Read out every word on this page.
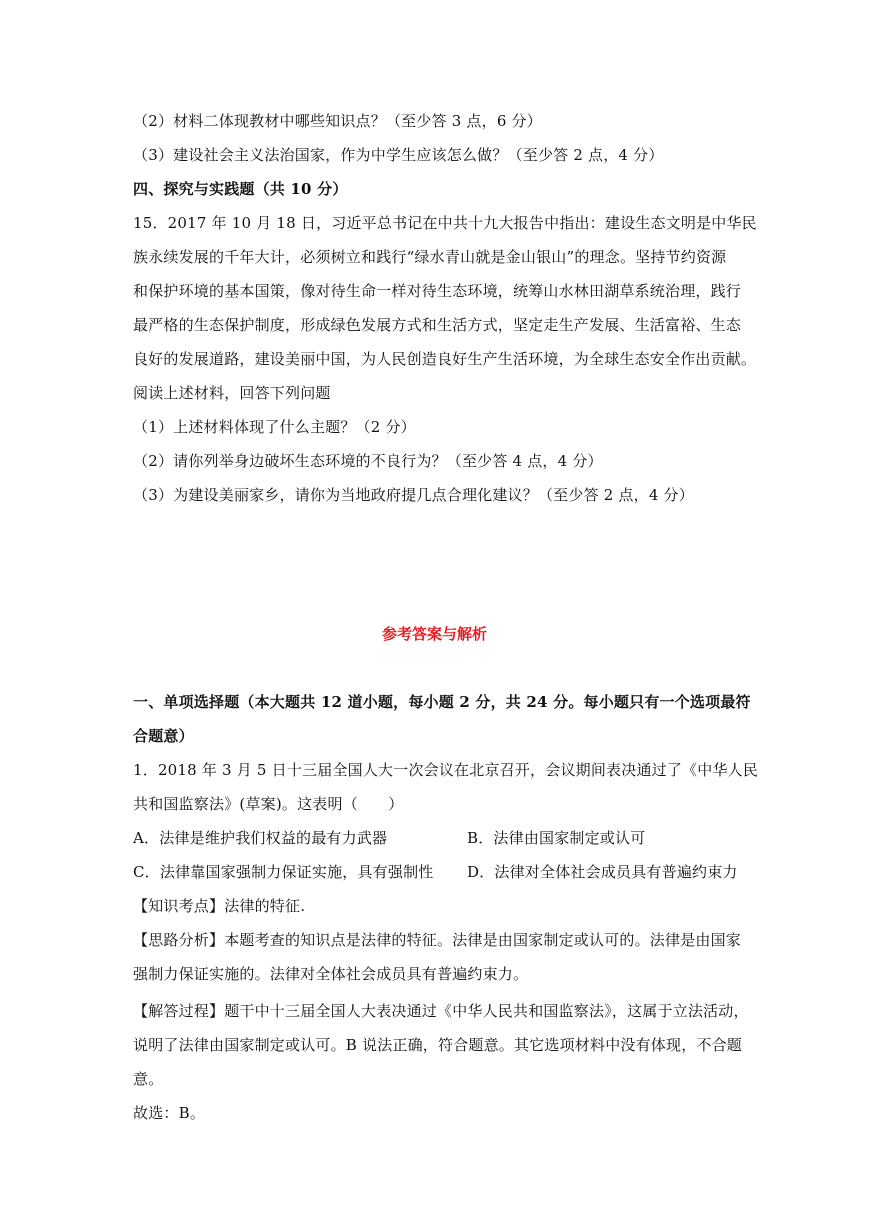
（2）材料二体现教材中哪些知识点？（至少答 3 点，6 分）
（3）建设社会主义法治国家，作为中学生应该怎么做？（至少答 2 点，4 分）
四、探究与实践题（共 10 分）
15．2017 年 10 月 18 日，习近平总书记在中共十九大报告中指出：建设生态文明是中华民
族永续发展的千年大计，必须树立和践行“绿水青山就是金山银山”的理念。坚持节约资源
和保护环境的基本国策，像对待生命一样对待生态环境，统筹山水林田湖草系统治理，践行
最严格的生态保护制度，形成绿色发展方式和生活方式，坚定走生产发展、生活富裕、生态
良好的发展道路，建设美丽中国，为人民创造良好生产生活环境，为全球生态安全作出贡献。
阅读上述材料，回答下列问题
（1）上述材料体现了什么主题？（2 分）
（2）请你列举身边破坏生态环境的不良行为？（至少答 4 点，4 分）
（3）为建设美丽家乡，请你为当地政府提几点合理化建议？（至少答 2 点，4 分）
参考答案与解析
一、单项选择题（本大题共 12 道小题，每小题 2 分，共 24 分。每小题只有一个选项最符
合题意）
1．2018 年 3 月 5 日十三届全国人大一次会议在北京召开，会议期间表决通过了《中华人民
共和国监察法》(草案)。这表明（　　）
A．法律是维护我们权益的最有力武器	B．法律由国家制定或认可
C．法律靠国家强制力保证实施，具有强制性 D．法律对全体社会成员具有普遍约束力
【知识考点】法律的特征.
【思路分析】本题考查的知识点是法律的特征。法律是由国家制定或认可的。法律是由国家
强制力保证实施的。法律对全体社会成员具有普遍约束力。
【解答过程】题干中十三届全国人大表决通过《中华人民共和国监察法》，这属于立法活动，
说明了法律由国家制定或认可。B 说法正确，符合题意。其它选项材料中没有体现，不合题
意。
故选：B。
